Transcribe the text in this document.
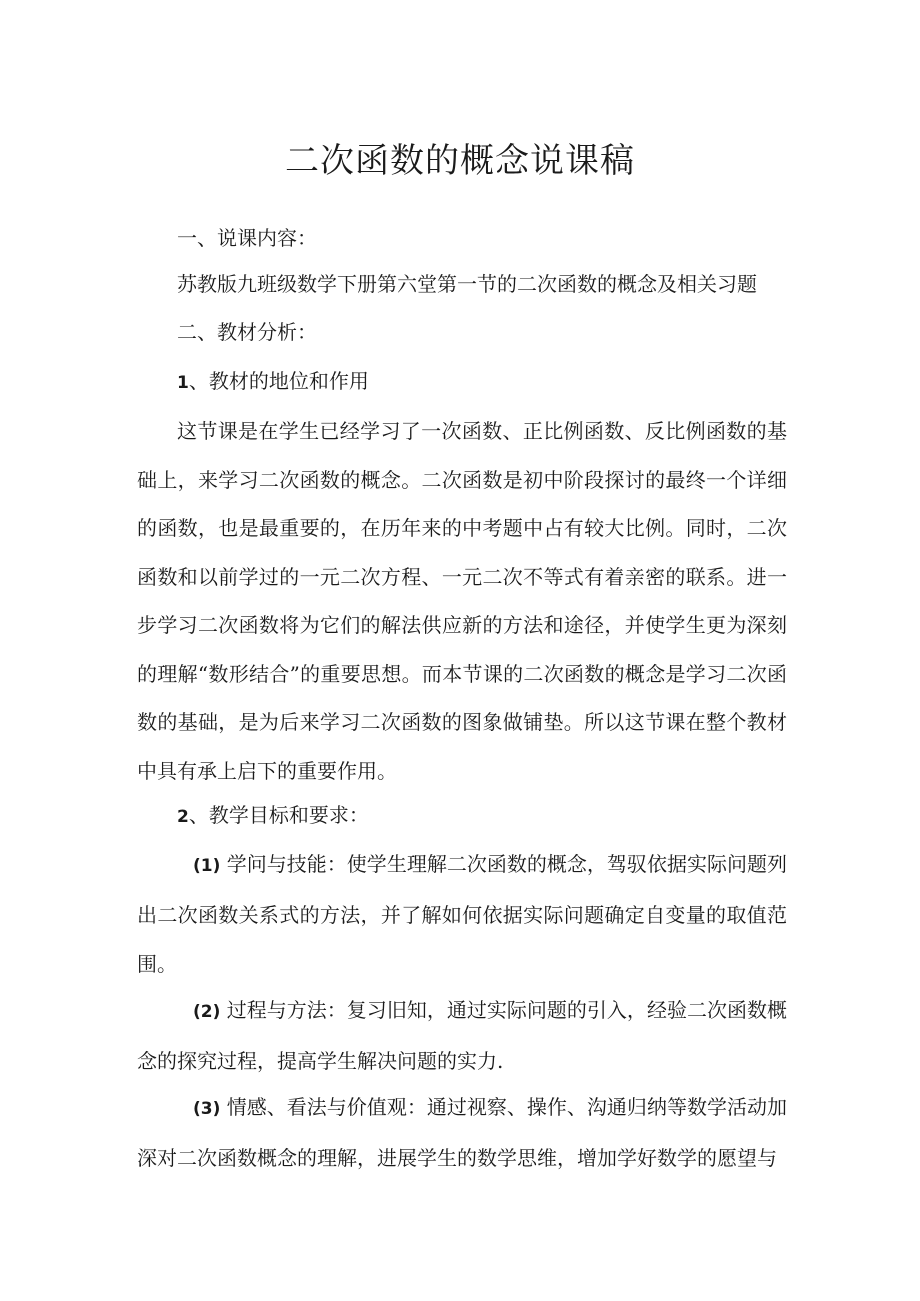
二次函数的概念说课稿
一、说课内容：
苏教版九班级数学下册第六堂第一节的二次函数的概念及相关习题
二、教材分析：
1、教材的地位和作用

这节课是在学生已经学习了一次函数、正比例函数、反比例函数的基础上，来学习二次函数的概念。二次函数是初中阶段探讨的最终一个详细的函数，也是最重要的，在历年来的中考题中占有较大比例。同时，二次函数和以前学过的一元二次方程、一元二次不等式有着亲密的联系。进一步学习二次函数将为它们的解法供应新的方法和途径，并使学生更为深刻的理解“数形结合”的重要思想。而本节课的二次函数的概念是学习二次函数的基础，是为后来学习二次函数的图象做铺垫。所以这节课在整个教材中具有承上启下的重要作用。

2、教学目标和要求：

(1) 学问与技能：使学生理解二次函数的概念，驾驭依据实际问题列出二次函数关系式的方法，并了解如何依据实际问题确定自变量的取值范围。

(2) 过程与方法：复习旧知，通过实际问题的引入，经验二次函数概念的探究过程，提高学生解决问题的实力.

(3) 情感、看法与价值观：通过视察、操作、沟通归纳等数学活动加深对二次函数概念的理解，进展学生的数学思维，增加学好数学的愿望与
